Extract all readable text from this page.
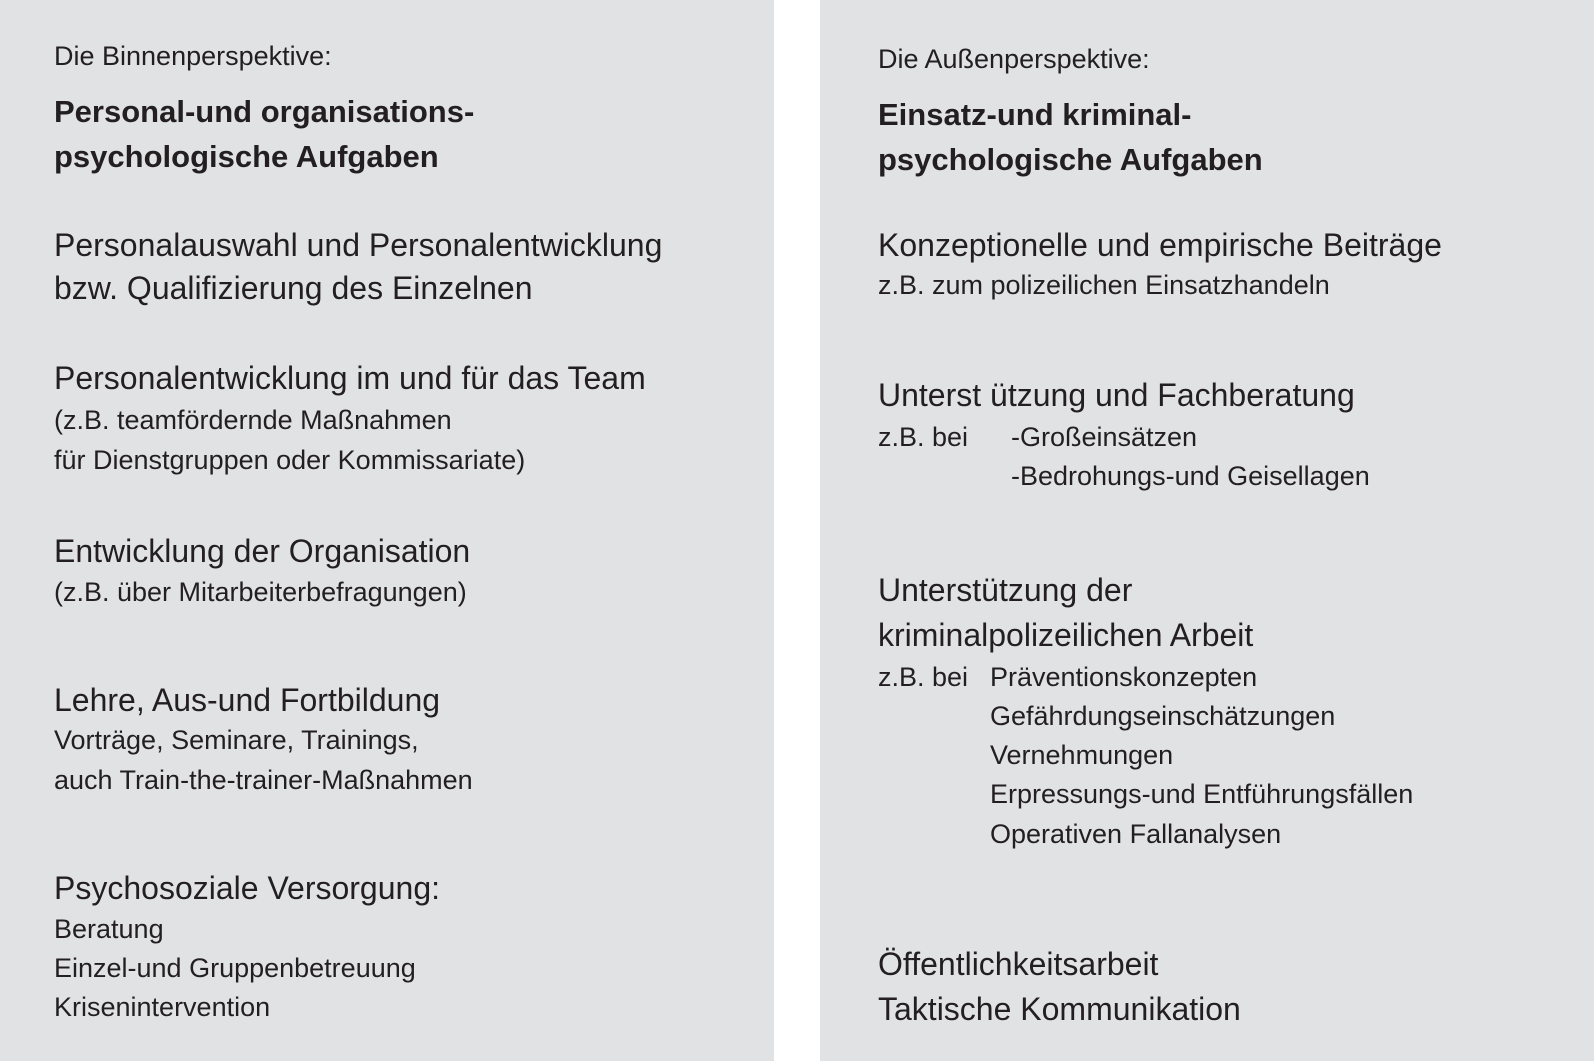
Die Binnenperspektive:
Personal-und organisations-
psychologische Aufgaben
Personalauswahl und Personalentwicklung
bzw. Qualifizierung des Einzelnen
Personalentwicklung im und für das Team
(z.B. teamfördernde Maßnahmen
für Dienstgruppen oder Kommissariate)
Entwicklung der Organisation
(z.B. über Mitarbeiterbefragungen)
Lehre, Aus-und Fortbildung
Vorträge, Seminare, Trainings,
auch Train-the-trainer-Maßnahmen
Psychosoziale Versorgung:
Beratung
Einzel-und Gruppenbetreuung
Krisenintervention
Die Außenperspektive:
Einsatz-und kriminal-
psychologische Aufgaben
Konzeptionelle und empirische Beiträge
z.B. zum polizeilichen Einsatzhandeln
Unterst ützung und Fachberatung
z.B. bei -Großeinsätzen
-Bedrohungs-und Geisellagen
Unterstützung der
kriminalpolizeilichen Arbeit
z.B. bei Präventionskonzepten
Gefährdungseinschätzungen
Vernehmungen
Erpressungs-und Entführungsfällen
Operativen Fallanalysen
Öffentlichkeitsarbeit
Taktische Kommunikation
